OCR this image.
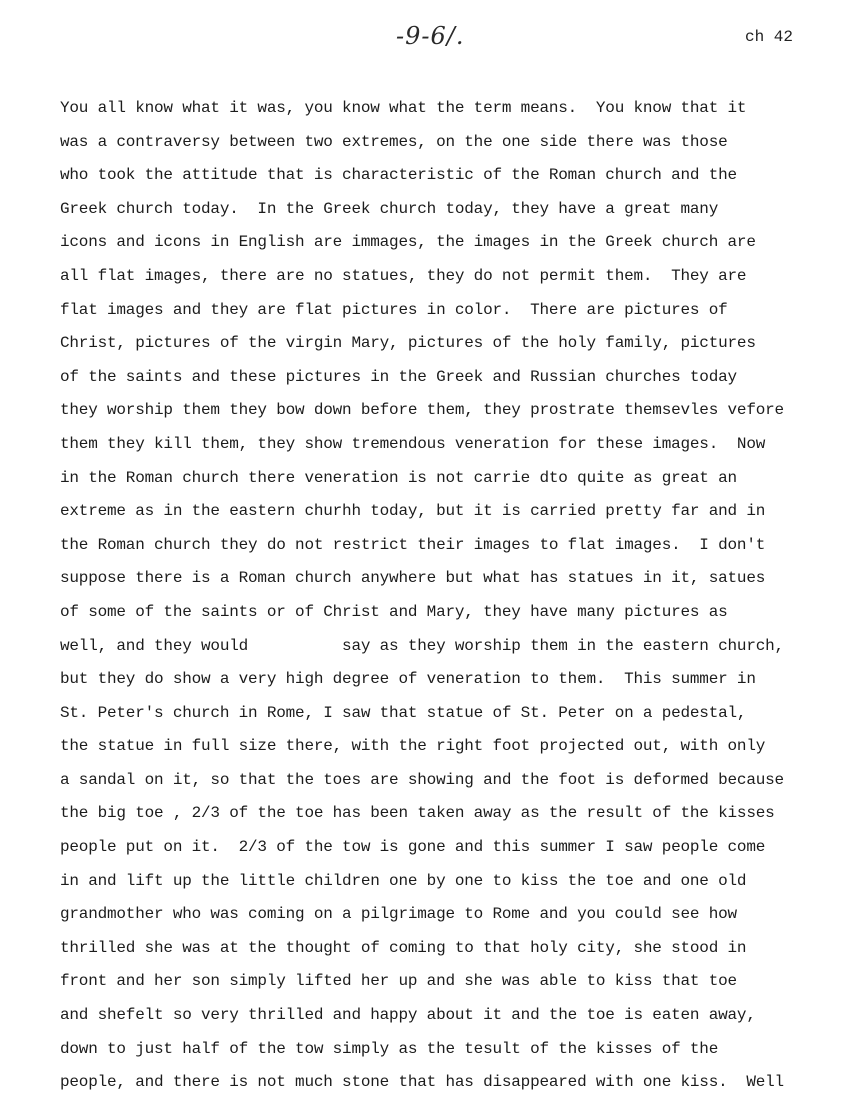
-9-6/.	ch 42
You all know what it was, you know what the term means.  You know that it
was a contraversy between two extremes, on the one side there was those
who took the attitude that is characteristic of the Roman church and the
Greek church today.  In the Greek church today, they have a great many
icons and icons in English are immages, the images in the Greek church are
all flat images, there are no statues, they do not permit them.  They are
flat images and they are flat pictures in color.  There are pictures of
Christ, pictures of the virgin Mary, pictures of the holy family, pictures
of the saints and these pictures in the Greek and Russian churches today
they worship them they bow down before them, they prostrate themsevles vefore
them they kill them, they show tremendous veneration for these images.  Now
in the Roman church there veneration is not carrie dto quite as great an
extreme as in the eastern churhh today, but it is carried pretty far and in
the Roman church they do not restrict their images to flat images.  I don't
suppose there is a Roman church anywhere but what has statues in it, satues
of some of the saints or of Christ and Mary, they have many pictures as
well, and they would          say as they worship them in the eastern church,
but they do show a very high degree of veneration to them.  This summer in
St. Peter's church in Rome, I saw that statue of St. Peter on a pedestal,
the statue in full size there, with the right foot projected out, with only
a sandal on it, so that the toes are showing and the foot is deformed because
the big toe , 2/3 of the toe has been taken away as the result of the kisses
people put on it.  2/3 of the tow is gone and this summer I saw people come
in and lift up the little children one by one to kiss the toe and one old
grandmother who was coming on a pilgrimage to Rome and you could see how
thrilled she was at the thought of coming to that holy city, she stood in
front and her son simply lifted her up and she was able to kiss that toe
and shefelt so very thrilled and happy about it and the toe is eaten away,
down to just half of the tow simply as the tesult of the kisses of the
people, and there is not much stone that has disappeared with one kiss.  Well
